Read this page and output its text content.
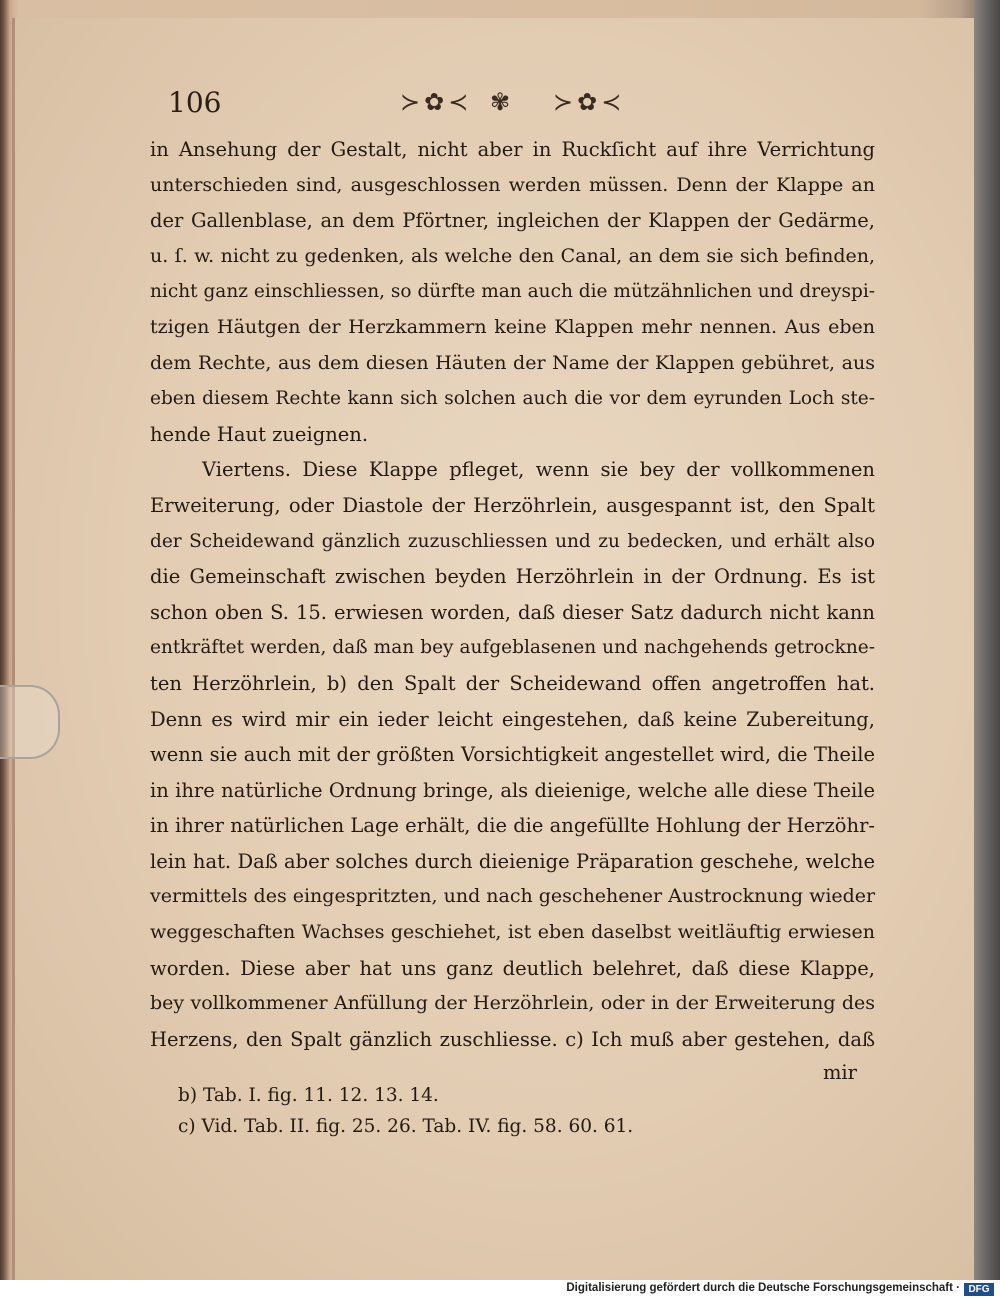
106	≻✿≺ ✾ ≻✿≺
in Ansehung der Gestalt, nicht aber in Ruckſicht auf ihre Verrichtung
unterschieden sind, ausgeschlossen werden müssen. Denn der Klappe an
der Gallenblase, an dem Pförtner, ingleichen der Klappen der Gedärme,
u. ſ. w. nicht zu gedenken, als welche den Canal, an dem sie sich befinden,
nicht ganz einschliessen, so dürfte man auch die mützähnlichen und dreyspi-
tzigen Häutgen der Herzkammern keine Klappen mehr nennen. Aus eben
dem Rechte, aus dem diesen Häuten der Name der Klappen gebühret, aus
eben diesem Rechte kann sich solchen auch die vor dem eyrunden Loch ste-
hende Haut zueignen.
Viertens. Diese Klappe pfleget, wenn sie bey der vollkommenen
Erweiterung, oder Diastole der Herzöhrlein, ausgespannt ist, den Spalt
der Scheidewand gänzlich zuzuschliessen und zu bedecken, und erhält also
die Gemeinschaft zwischen beyden Herzöhrlein in der Ordnung. Es ist
schon oben S. 15. erwiesen worden, daß dieser Satz dadurch nicht kann
entkräftet werden, daß man bey aufgeblasenen und nachgehends getrockne-
ten Herzöhrlein, b) den Spalt der Scheidewand offen angetroffen hat.
Denn es wird mir ein ieder leicht eingestehen, daß keine Zubereitung,
wenn sie auch mit der größten Vorsichtigkeit angestellet wird, die Theile
in ihre natürliche Ordnung bringe, als dieienige, welche alle diese Theile
in ihrer natürlichen Lage erhält, die die angefüllte Hohlung der Herzöhr-
lein hat. Daß aber solches durch dieienige Präparation geschehe, welche
vermittels des eingespritzten, und nach geschehener Austrocknung wieder
weggeschaften Wachses geschiehet, ist eben daselbst weitläuftig erwiesen
worden. Diese aber hat uns ganz deutlich belehret, daß diese Klappe,
bey vollkommener Anfüllung der Herzöhrlein, oder in der Erweiterung des
Herzens, den Spalt gänzlich zuschliesse. c) Ich muß aber gestehen, daß
mir
b) Tab. I. fig. 11. 12. 13. 14.
c) Vid. Tab. II. fig. 25. 26. Tab. IV. fig. 58. 60. 61.
Digitalisierung gefördert durch die Deutsche Forschungsgemeinschaft · DFG
